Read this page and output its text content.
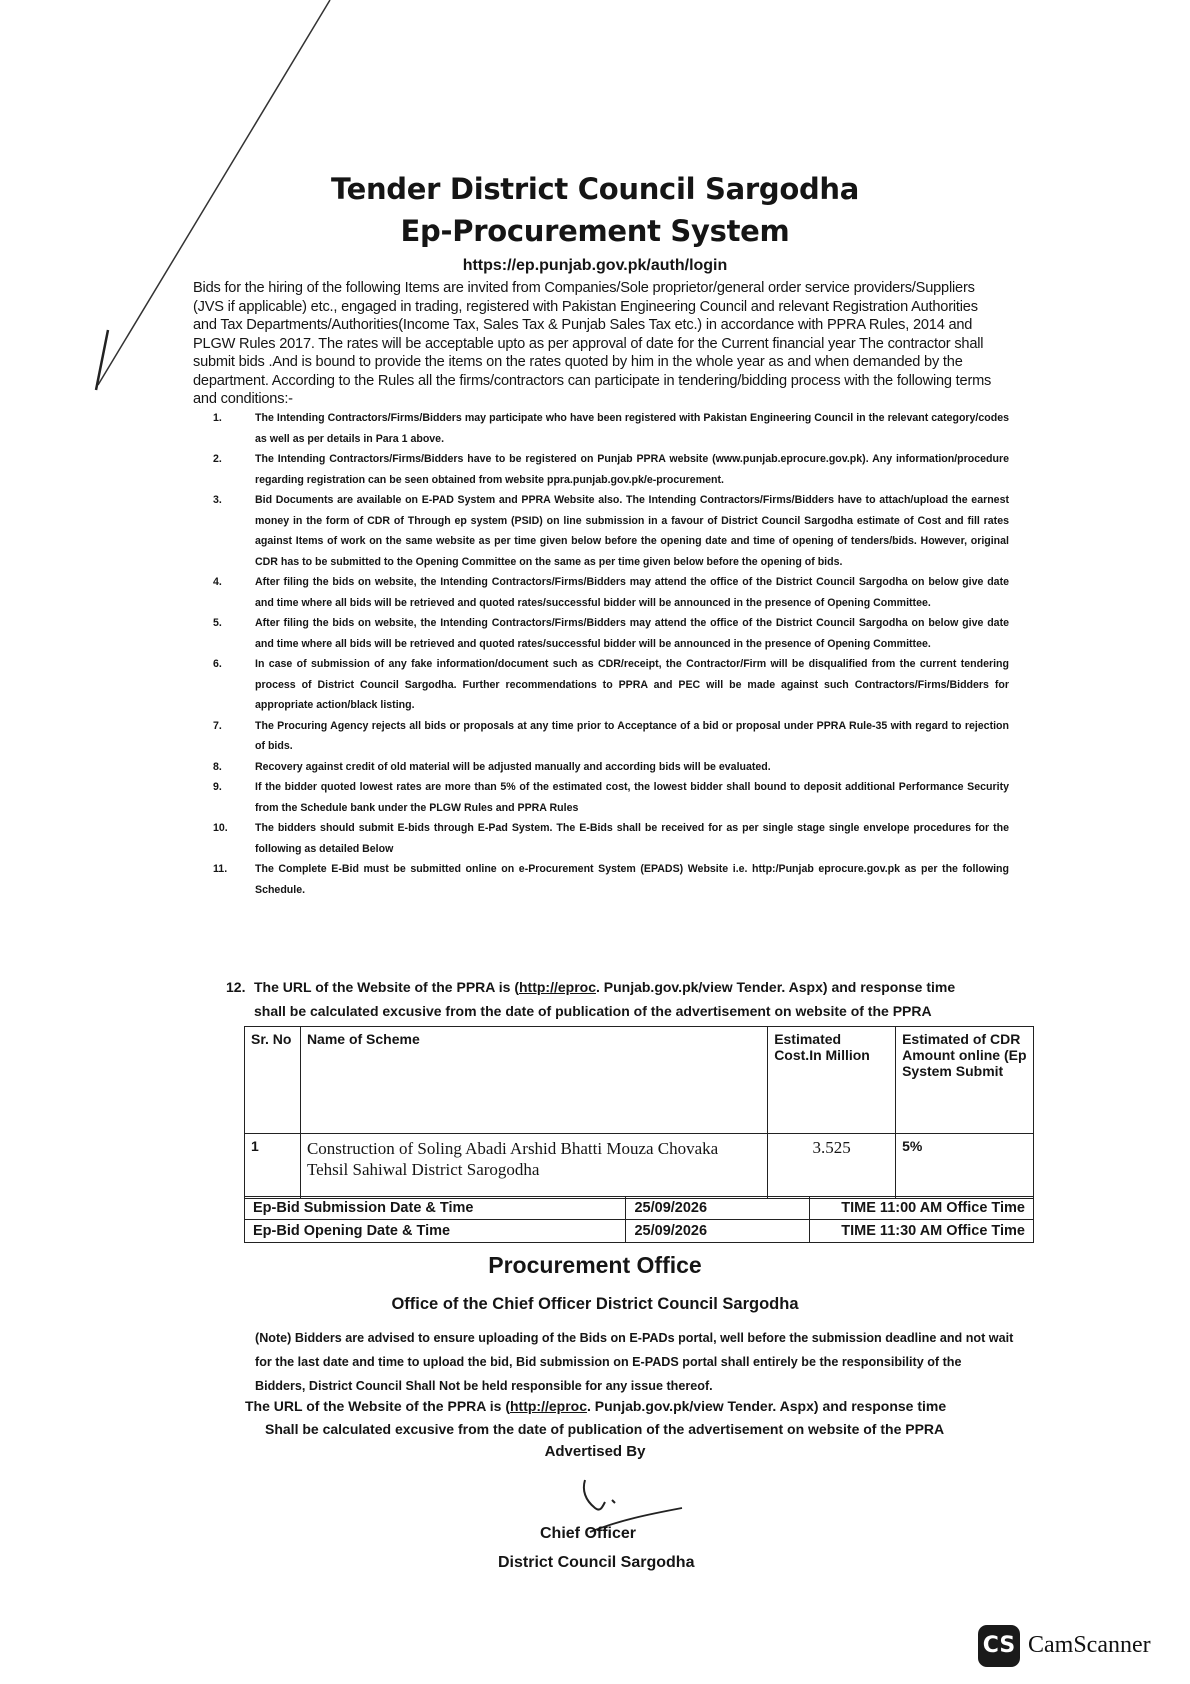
Tender District Council Sargodha
Ep-Procurement System
https://ep.punjab.gov.pk/auth/login
Bids for the hiring of the following Items are invited from Companies/Sole proprietor/general order service providers/Suppliers (JVS if applicable) etc., engaged in trading, registered with Pakistan Engineering Council and relevant Registration Authorities and Tax Departments/Authorities(Income Tax, Sales Tax & Punjab Sales Tax etc.) in accordance with PPRA Rules, 2014 and PLGW Rules 2017. The rates will be acceptable upto as per approval of date for the Current financial year The contractor shall submit bids .And is bound to provide the items on the rates quoted by him in the whole year as and when demanded by the department. According to the Rules all the firms/contractors can participate in tendering/bidding process with the following terms and conditions:-
1.	The Intending Contractors/Firms/Bidders may participate who have been registered with Pakistan Engineering Council in the relevant category/codes as well as per details in Para 1 above.
2.	The Intending Contractors/Firms/Bidders have to be registered on Punjab PPRA website (www.punjab.eprocure.gov.pk). Any information/procedure regarding registration can be seen obtained from website ppra.punjab.gov.pk/e-procurement.
3.	Bid Documents are available on E-PAD System and PPRA Website also. The Intending Contractors/Firms/Bidders have to attach/upload the earnest money in the form of CDR of Through ep system (PSID) on line submission in a favour of District Council Sargodha estimate of Cost and fill rates against Items of work on the same website as per time given below before the opening date and time of opening of tenders/bids. However, original CDR has to be submitted to the Opening Committee on the same as per time given below before the opening of bids.
4.	After filing the bids on website, the Intending Contractors/Firms/Bidders may attend the office of the District Council Sargodha on below give date and time where all bids will be retrieved and quoted rates/successful bidder will be announced in the presence of Opening Committee.
5.	After filing the bids on website, the Intending Contractors/Firms/Bidders may attend the office of the District Council Sargodha on below give date and time where all bids will be retrieved and quoted rates/successful bidder will be announced in the presence of Opening Committee.
6.	In case of submission of any fake information/document such as CDR/receipt, the Contractor/Firm will be disqualified from the current tendering process of District Council Sargodha. Further recommendations to PPRA and PEC will be made against such Contractors/Firms/Bidders for appropriate action/black listing.
7.	The Procuring Agency rejects all bids or proposals at any time prior to Acceptance of a bid or proposal under PPRA Rule-35 with regard to rejection of bids.
8.	Recovery against credit of old material will be adjusted manually and according bids will be evaluated.
9.	If the bidder quoted lowest rates are more than 5% of the estimated cost, the lowest bidder shall bound to deposit additional Performance Security from the Schedule bank under the PLGW Rules and PPRA Rules
10.	The bidders should submit E-bids through E-Pad System. The E-Bids shall be received for as per single stage single envelope procedures for the following as detailed Below
11.	The Complete E-Bid must be submitted online on e-Procurement System (EPADS) Website i.e. http:/Punjab eprocure.gov.pk as per the following Schedule.
12. The URL of the Website of the PPRA is (http://eproc. Punjab.gov.pk/view Tender. Aspx) and response time
shall be calculated excusive from the date of publication of the advertisement on website of the PPRA
Sr. No	Name of Scheme	Estimated Cost.In Million	Estimated of CDR Amount online (Ep System Submit
1	Construction of Soling Abadi Arshid Bhatti Mouza Chovaka Tehsil Sahiwal District Sarogodha	3.525	5%
Ep-Bid Submission Date & Time	25/09/2026	TIME 11:00 AM Office Time
Ep-Bid Opening Date & Time	25/09/2026	TIME 11:30 AM Office Time
Procurement Office
Office of the Chief Officer District Council Sargodha
(Note) Bidders are advised to ensure uploading of the Bids on E-PADs portal, well before the submission deadline and not wait for the last date and time to upload the bid, Bid submission on E-PADS portal shall entirely be the responsibility of the Bidders, District Council Shall Not be held responsible for any issue thereof.
The URL of the Website of the PPRA is (http://eproc. Punjab.gov.pk/view Tender. Aspx) and response time
Shall be calculated excusive from the date of publication of the advertisement on website of the PPRA
Advertised By
Chief Officer
District Council Sargodha
CS CamScanner
